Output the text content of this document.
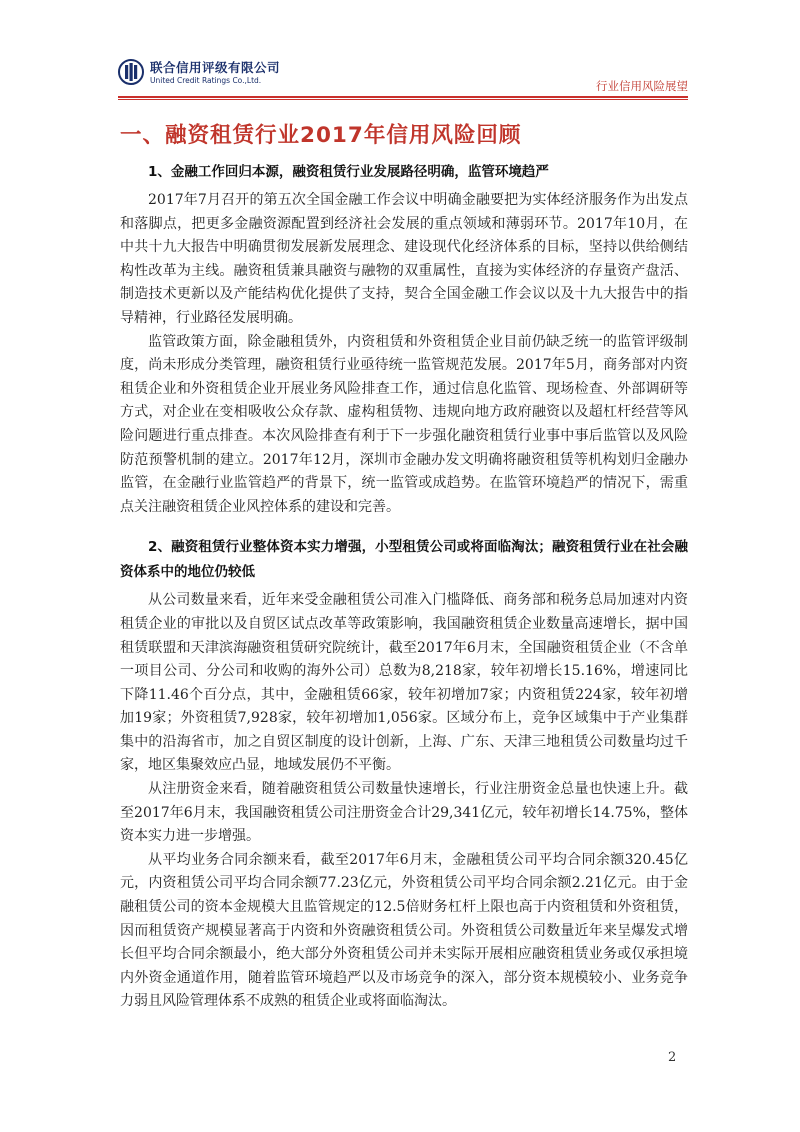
联合信用评级有限公司
United Credit Ratings Co.,Ltd.	行业信用风险展望
一、融资租赁行业2017年信用风险回顾

1、金融工作回归本源，融资租赁行业发展路径明确，监管环境趋严

2017年7月召开的第五次全国金融工作会议中明确金融要把为实体经济服务作为出发点和落脚点，把更多金融资源配置到经济社会发展的重点领域和薄弱环节。2017年10月，在中共十九大报告中明确贯彻发展新发展理念、建设现代化经济体系的目标，坚持以供给侧结构性改革为主线。融资租赁兼具融资与融物的双重属性，直接为实体经济的存量资产盘活、制造技术更新以及产能结构优化提供了支持，契合全国金融工作会议以及十九大报告中的指导精神，行业路径发展明确。

监管政策方面，除金融租赁外，内资租赁和外资租赁企业目前仍缺乏统一的监管评级制度，尚未形成分类管理，融资租赁行业亟待统一监管规范发展。2017年5月，商务部对内资租赁企业和外资租赁企业开展业务风险排查工作，通过信息化监管、现场检查、外部调研等方式，对企业在变相吸收公众存款、虚构租赁物、违规向地方政府融资以及超杠杆经营等风险问题进行重点排查。本次风险排查有利于下一步强化融资租赁行业事中事后监管以及风险防范预警机制的建立。2017年12月，深圳市金融办发文明确将融资租赁等机构划归金融办监管，在金融行业监管趋严的背景下，统一监管或成趋势。在监管环境趋严的情况下，需重点关注融资租赁企业风控体系的建设和完善。

2、融资租赁行业整体资本实力增强，小型租赁公司或将面临淘汰；融资租赁行业在社会融资体系中的地位仍较低

从公司数量来看，近年来受金融租赁公司准入门槛降低、商务部和税务总局加速对内资租赁企业的审批以及自贸区试点改革等政策影响，我国融资租赁企业数量高速增长，据中国租赁联盟和天津滨海融资租赁研究院统计，截至2017年6月末，全国融资租赁企业（不含单一项目公司、分公司和收购的海外公司）总数为8,218家，较年初增长15.16%，增速同比下降11.46个百分点，其中，金融租赁66家，较年初增加7家；内资租赁224家，较年初增加19家；外资租赁7,928家，较年初增加1,056家。区域分布上，竞争区域集中于产业集群集中的沿海省市，加之自贸区制度的设计创新，上海、广东、天津三地租赁公司数量均过千家，地区集聚效应凸显，地域发展仍不平衡。

从注册资金来看，随着融资租赁公司数量快速增长，行业注册资金总量也快速上升。截至2017年6月末，我国融资租赁公司注册资金合计29,341亿元，较年初增长14.75%，整体资本实力进一步增强。

从平均业务合同余额来看，截至2017年6月末，金融租赁公司平均合同余额320.45亿元，内资租赁公司平均合同余额77.23亿元，外资租赁公司平均合同余额2.21亿元。由于金融租赁公司的资本金规模大且监管规定的12.5倍财务杠杆上限也高于内资租赁和外资租赁，因而租赁资产规模显著高于内资和外资融资租赁公司。外资租赁公司数量近年来呈爆发式增长但平均合同余额最小，绝大部分外资租赁公司并未实际开展相应融资租赁业务或仅承担境内外资金通道作用，随着监管环境趋严以及市场竞争的深入，部分资本规模较小、业务竞争力弱且风险管理体系不成熟的租赁企业或将面临淘汰。

2
